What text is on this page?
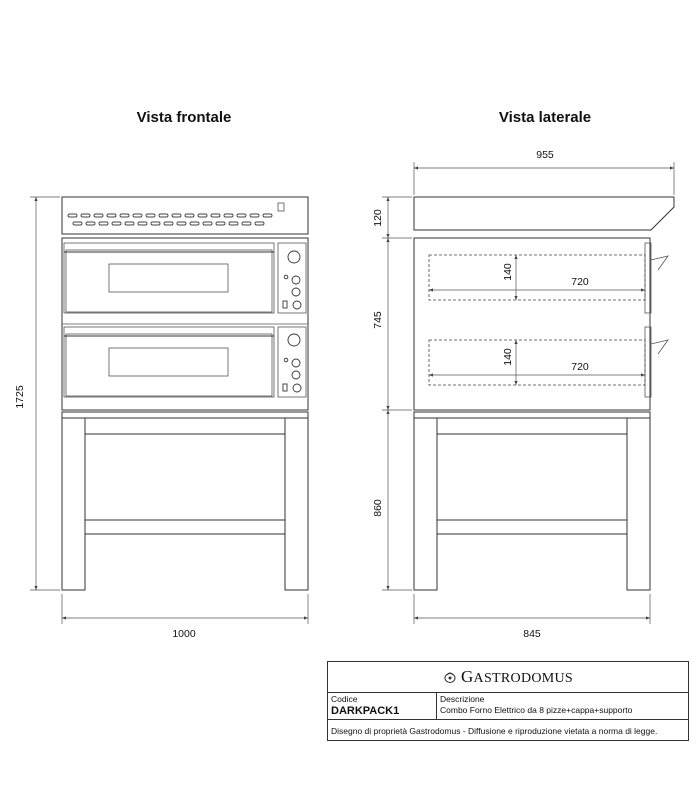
Vista frontale	Vista laterale
1725
1000
140
720
140
720
955
120
745
860
845
GASTRODOMUS
Codice
DARKPACK1
Descrizione
Combo Forno Elettrico da 8 pizze+cappa+supporto
Disegno di proprietà Gastrodomus - Diffusione e riproduzione vietata a norma di legge.
